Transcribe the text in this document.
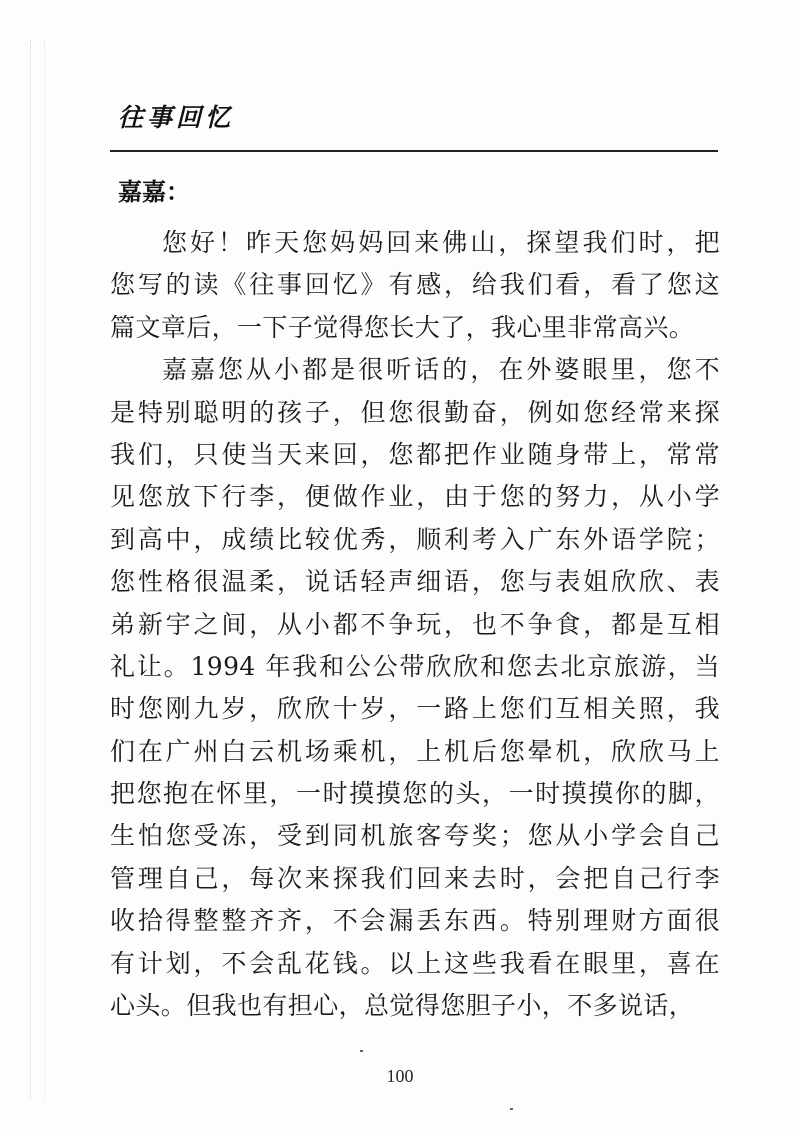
往事回忆
嘉嘉：
您好！昨天您妈妈回来佛山，探望我们时，把
您写的读《往事回忆》有感，给我们看，看了您这
篇文章后，一下子觉得您长大了，我心里非常高兴。
嘉嘉您从小都是很听话的，在外婆眼里，您不
是特别聪明的孩子，但您很勤奋，例如您经常来探
我们，只使当天来回，您都把作业随身带上，常常
见您放下行李，便做作业，由于您的努力，从小学
到高中，成绩比较优秀，顺利考入广东外语学院；
您性格很温柔，说话轻声细语，您与表姐欣欣、表
弟新宇之间，从小都不争玩，也不争食，都是互相
礼让。1994 年我和公公带欣欣和您去北京旅游，当
时您刚九岁，欣欣十岁，一路上您们互相关照，我
们在广州白云机场乘机，上机后您晕机，欣欣马上
把您抱在怀里，一时摸摸您的头，一时摸摸你的脚，
生怕您受冻，受到同机旅客夸奖；您从小学会自己
管理自己，每次来探我们回来去时，会把自己行李
收拾得整整齐齐，不会漏丢东西。特别理财方面很
有计划，不会乱花钱。以上这些我看在眼里，喜在
心头。但我也有担心，总觉得您胆子小，不多说话，
100
